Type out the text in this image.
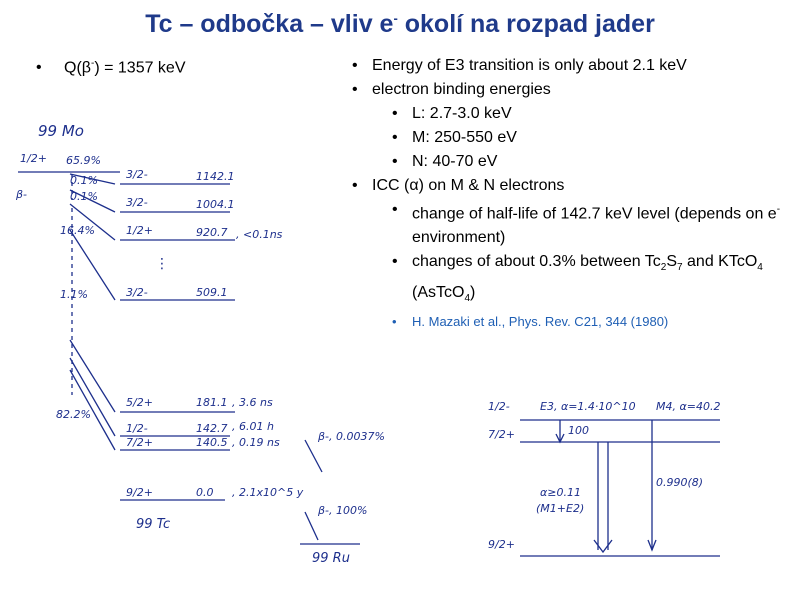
Tc – odbočka – vliv e- okolí na rozpad jader
• Q(β-) = 1357 keV
•	Energy of E3 transition is only about 2.1 keV
• electron binding energies
• L: 2.7-3.0 keV
• M: 250-550 eV
• N: 40-70 eV
• ICC (α) on M & N electrons
• change of half-life of 142.7 keV level (depends on e- environment)
• changes of about 0.3% between $Tc_2S_7$ and KTcO$_4$ (AsTcO$_4$)
• H. Mazaki et al., Phys. Rev. C21, 344 (1980)
99 Mo
1/2+
β-
65.9%
0.1%
0.1%
16.4%
1.1%
82.2%
3/2-	1142.1
3/2-	1004.1
1/2+	920.7 , <0.1ns
⋮
3/2-	509.1
5/2+	181.1 , 3.6 ns
1/2-	142.7 , 6.01 h
7/2+	140.5 , 0.19 ns
9/2+	0.0 , 2.1x10^5 y
β-, 0.0037%
β-, 100%
99 Tc
99 Ru
1/2-
7/2+
9/2+
E3, α=1.4·10^10 M4, α=40.2
100
α≥0.11
(M1+E2)
0.990(8)
